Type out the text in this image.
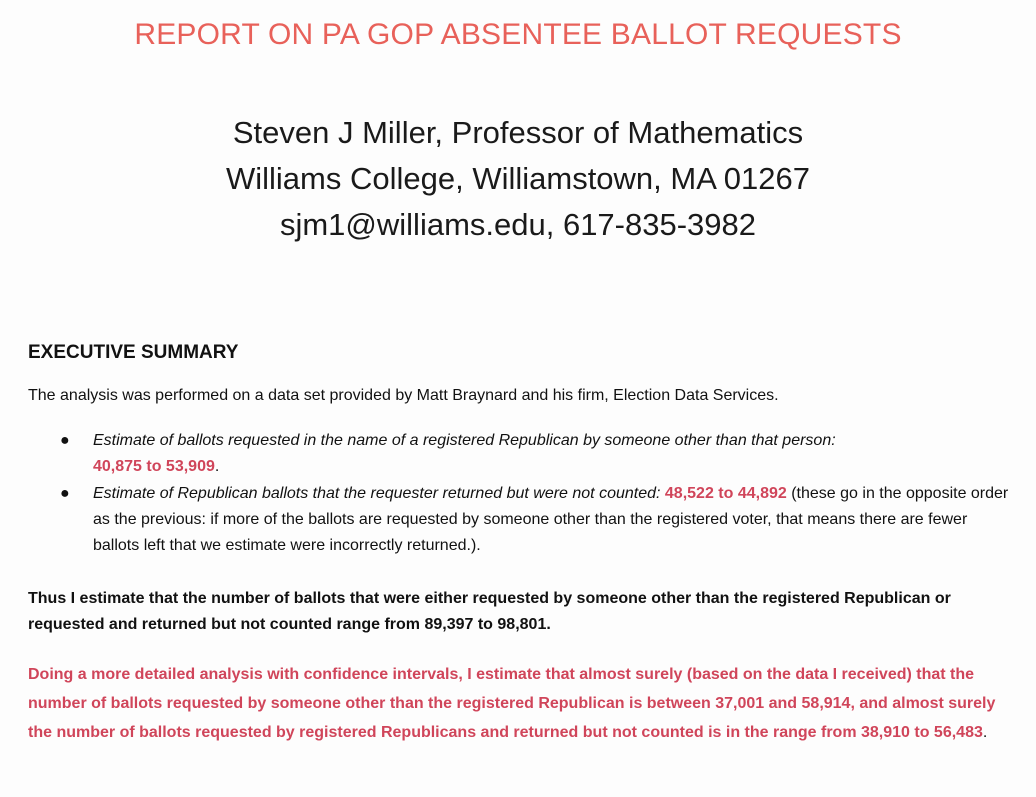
REPORT ON PA GOP ABSENTEE BALLOT REQUESTS
Steven J Miller, Professor of Mathematics
Williams College, Williamstown, MA 01267
sjm1@williams.edu, 617-835-3982
EXECUTIVE SUMMARY
The analysis was performed on a data set provided by Matt Braynard and his firm, Election Data Services.
● Estimate of ballots requested in the name of a registered Republican by someone other than that person:
40,875 to 53,909.
● Estimate of Republican ballots that the requester returned but were not counted: 48,522 to 44,892 (these go in the opposite order as the previous: if more of the ballots are requested by someone other than the registered voter, that means there are fewer ballots left that we estimate were incorrectly returned.).
Thus I estimate that the number of ballots that were either requested by someone other than the registered Republican or requested and returned but not counted range from 89,397 to 98,801.
Doing a more detailed analysis with confidence intervals, I estimate that almost surely (based on the data I received) that the number of ballots requested by someone other than the registered Republican is between 37,001 and 58,914, and almost surely the number of ballots requested by registered Republicans and returned but not counted is in the range from 38,910 to 56,483.
